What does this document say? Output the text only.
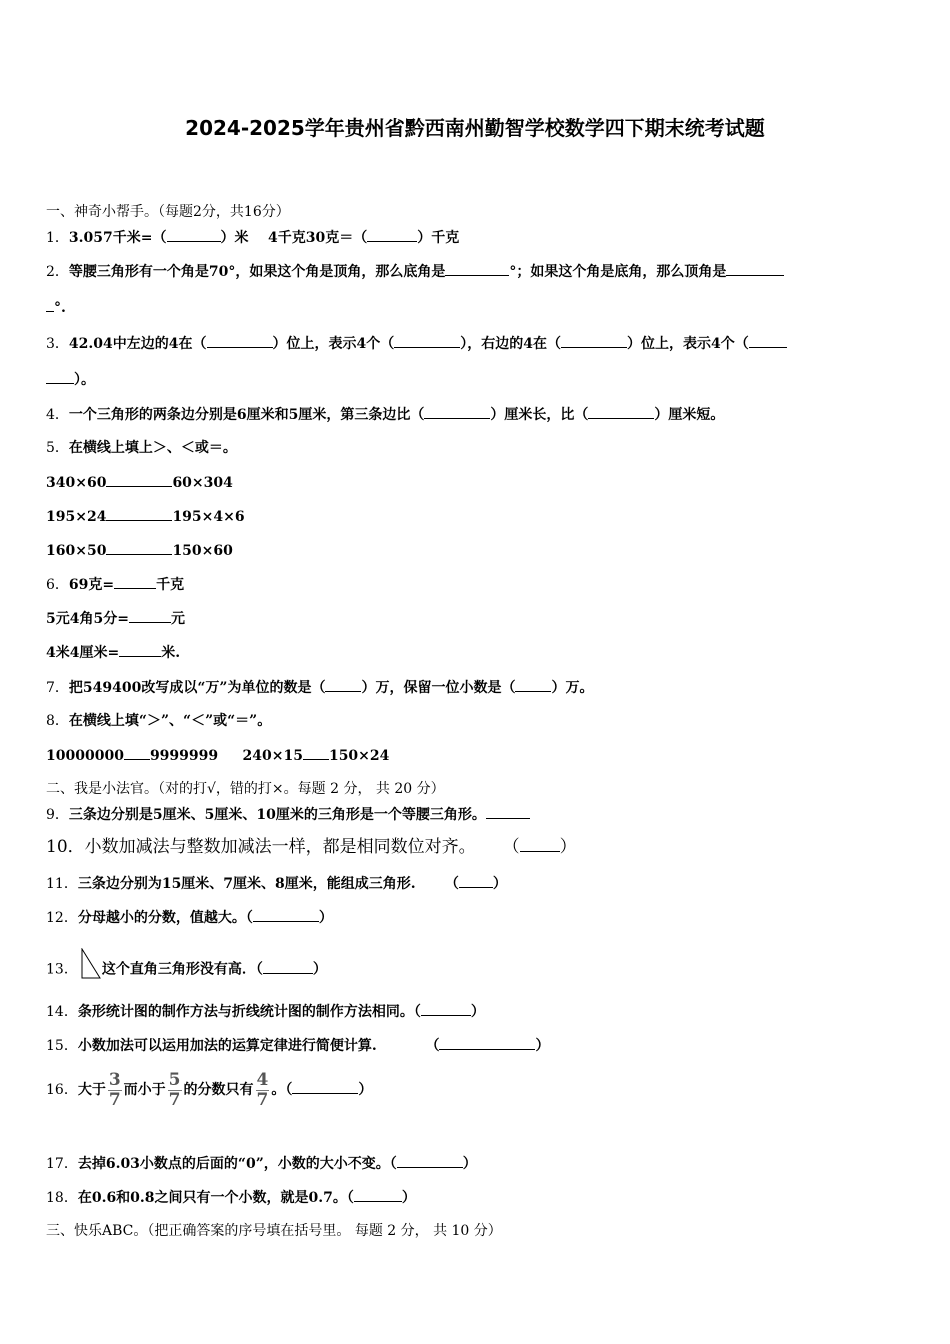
2024-2025学年贵州省黔西南州勤智学校数学四下期末统考试题
一、神奇小帮手。（每题2分，共16分）
1．3.057千米=（	）米 4千克30克＝（	）千克
2．等腰三角形有一个角是70°，如果这个角是顶角，那么底角是	°；如果这个角是底角，那么顶角是
°.
3．42.04中左边的4在（	）位上，表示4个（	），右边的4在（	）位上，表示4个（
）。
4．一个三角形的两条边分别是6厘米和5厘米，第三条边比（	）厘米长，比（	）厘米短。
5．在横线上填上＞、＜或＝。
340×60	60×304
195×24	195×4×6
160×50	150×60
6．69克=	千克
5元4角5分=	元
4米4厘米=	米.
7．把549400改写成以“万”为单位的数是（	）万，保留一位小数是（	）万。
8．在横线上填“＞”、“＜”或“＝”。
10000000 9999999 240×15 150×24
二、我是小法官。（对的打√，错的打×。每题 2 分， 共 20 分）
9．三条边分别是5厘米、5厘米、10厘米的三角形是一个等腰三角形。
10．小数加减法与整数加减法一样，都是相同数位对齐。 （ ）
11．三条边分别为15厘米、7厘米、8厘米，能组成三角形. （ ）
12．分母越小的分数，值越大。（	）
13． 这个直角三角形没有高．（	）
14．条形统计图的制作方法与折线统计图的制作方法相同。（	）
15．小数加法可以运用加法的运算定律进行简便计算.	（	）
16．大于 $\frac{3}{7}$ 而小于 $\frac{5}{7}$ 的分数只有 $\frac{4}{7}$ 。（	）
17．去掉6.03小数点的后面的“0”，小数的大小不变。（	）
18．在0.6和0.8之间只有一个小数，就是0.7。（	）
三、快乐ABC。（把正确答案的序号填在括号里。 每题 2 分， 共 10 分）
